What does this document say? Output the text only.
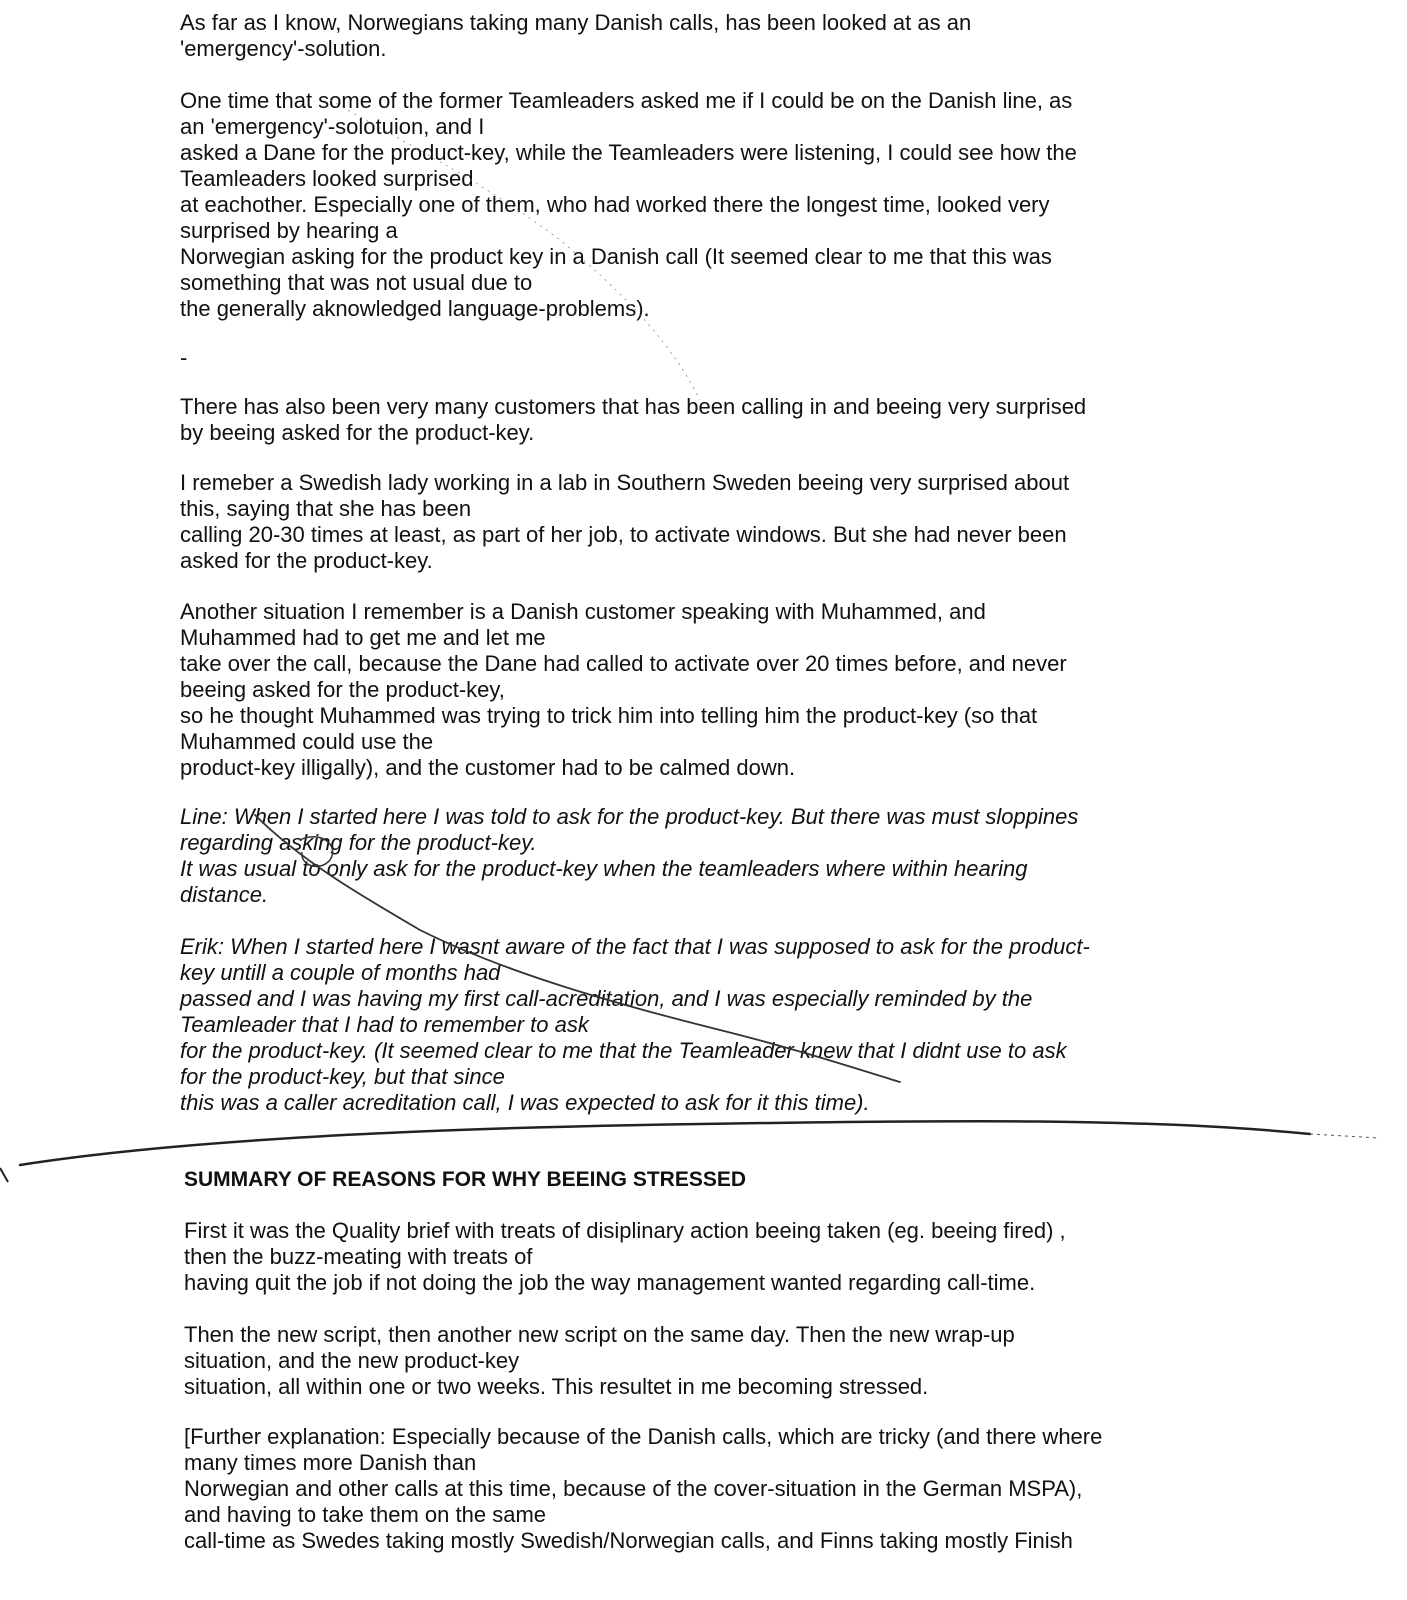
As far as I know, Norwegians taking many Danish calls, has been looked at as an
'emergency'-solution.

One time that some of the former Teamleaders asked me if I could be on the Danish line, as
an 'emergency'-solotuion, and I
asked a Dane for the product-key, while the Teamleaders were listening, I could see how the
Teamleaders looked surprised
at eachother. Especially one of them, who had worked there the longest time, looked very
surprised by hearing a
Norwegian asking for the product key in a Danish call (It seemed clear to me that this was
something that was not usual due to
the generally aknowledged language-problems).

-

There has also been very many customers that has been calling in and beeing very surprised
by beeing asked for the product-key.

I remeber a Swedish lady working in a lab in Southern Sweden beeing very surprised about
this, saying that she has been
calling 20-30 times at least, as part of her job, to activate windows. But she had never been
asked for the product-key.

Another situation I remember is a Danish customer speaking with Muhammed, and
Muhammed had to get me and let me
take over the call, because the Dane had called to activate over 20 times before, and never
beeing asked for the product-key,
so he thought Muhammed was trying to trick him into telling him the product-key (so that
Muhammed could use the
product-key illigally), and the customer had to be calmed down.

Line: When I started here I was told to ask for the product-key. But there was must sloppines
regarding asking for the product-key.
It was usual to only ask for the product-key when the teamleaders where within hearing
distance.

Erik: When I started here I wasnt aware of the fact that I was supposed to ask for the product-
key untill a couple of months had
passed and I was having my first call-acreditation, and I was especially reminded by the
Teamleader that I had to remember to ask
for the product-key. (It seemed clear to me that the Teamleader knew that I didnt use to ask
for the product-key, but that since
this was a caller acreditation call, I was expected to ask for it this time).

SUMMARY OF REASONS FOR WHY BEEING STRESSED

First it was the Quality brief with treats of disiplinary action beeing taken (eg. beeing fired) ,
then the buzz-meating with treats of
having quit the job if not doing the job the way management wanted regarding call-time.

Then the new script, then another new script on the same day. Then the new wrap-up
situation, and the new product-key
situation, all within one or two weeks. This resultet in me becoming stressed.

[Further explanation: Especially because of the Danish calls, which are tricky (and there where
many times more Danish than
Norwegian and other calls at this time, because of the cover-situation in the German MSPA),
and having to take them on the same
call-time as Swedes taking mostly Swedish/Norwegian calls, and Finns taking mostly Finish
